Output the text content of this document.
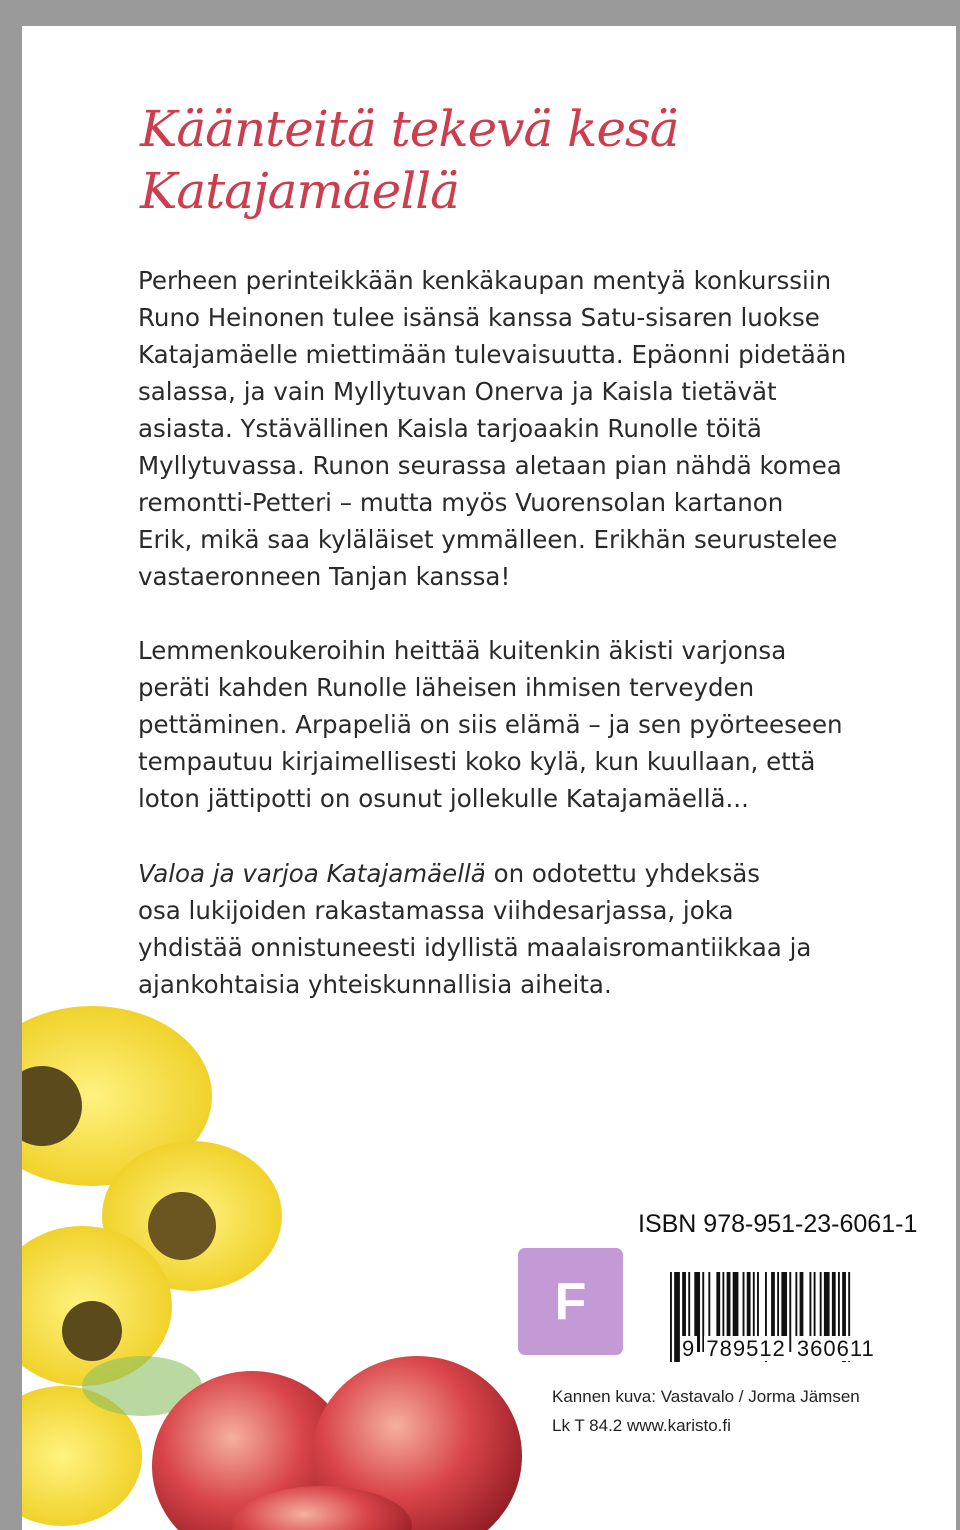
Käänteitä tekevä kesä
Katajamäellä
Perheen perinteikkään kenkäkaupan mentyä konkurssiin
Runo Heinonen tulee isänsä kanssa Satu-sisaren luokse
Katajamäelle miettimään tulevaisuutta. Epäonni pidetään
salassa, ja vain Myllytuvan Onerva ja Kaisla tietävät
asiasta. Ystävällinen Kaisla tarjoaakin Runolle töitä
Myllytuvassa. Runon seurassa aletaan pian nähdä komea
remontti-Petteri – mutta myös Vuorensolan kartanon
Erik, mikä saa kyläläiset ymmälleen. Erikhän seurustelee
vastaeronneen Tanjan kanssa!
Lemmenkoukeroihin heittää kuitenkin äkisti varjonsa
peräti kahden Runolle läheisen ihmisen terveyden
pettäminen. Arpapeliä on siis elämä – ja sen pyörteeseen
tempautuu kirjaimellisesti koko kylä, kun kuullaan, että
loton jättipotti on osunut jollekulle Katajamäellä...
Valoa ja varjoa Katajamäellä on odotettu yhdeksäs
osa lukijoiden rakastamassa viihdesarjassa, joka
yhdistää onnistuneesti idyllistä maalaisromantiikkaa ja
ajankohtaisia yhteiskunnallisia aiheita.
ISBN 978-951-23-6061-1
F
9 789512 360611
Kannen kuva: Vastavalo / Jorma Jämsen
Lk T 84.2 www.karisto.fi
